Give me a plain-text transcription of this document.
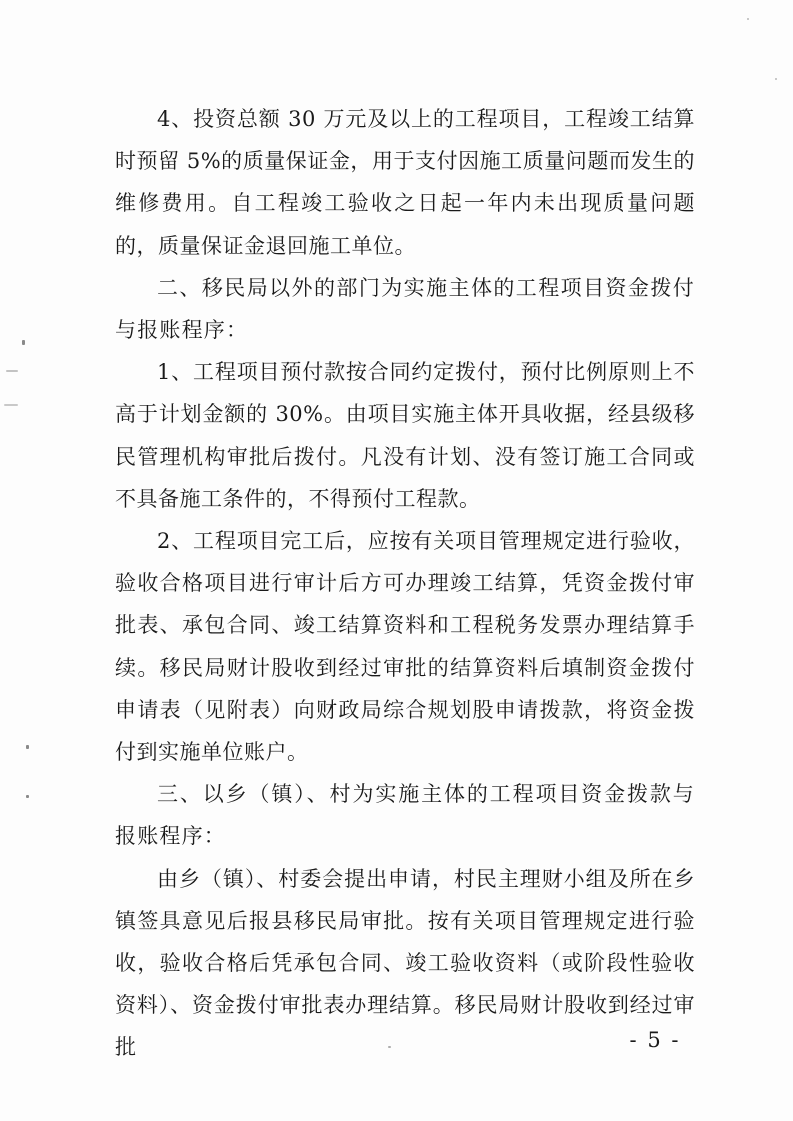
4、投资总额 30 万元及以上的工程项目，工程竣工结算时预留 5%的质量保证金，用于支付因施工质量问题而发生的维修费用。自工程竣工验收之日起一年内未出现质量问题的，质量保证金退回施工单位。

二、移民局以外的部门为实施主体的工程项目资金拨付与报账程序：

1、工程项目预付款按合同约定拨付，预付比例原则上不高于计划金额的 30%。由项目实施主体开具收据，经县级移民管理机构审批后拨付。凡没有计划、没有签订施工合同或不具备施工条件的，不得预付工程款。

2、工程项目完工后，应按有关项目管理规定进行验收，验收合格项目进行审计后方可办理竣工结算，凭资金拨付审批表、承包合同、竣工结算资料和工程税务发票办理结算手续。移民局财计股收到经过审批的结算资料后填制资金拨付申请表（见附表）向财政局综合规划股申请拨款，将资金拨付到实施单位账户。

三、以乡（镇）、村为实施主体的工程项目资金拨款与报账程序：

由乡（镇）、村委会提出申请，村民主理财小组及所在乡镇签具意见后报县移民局审批。按有关项目管理规定进行验收，验收合格后凭承包合同、竣工验收资料（或阶段性验收资料）、资金拨付审批表办理结算。移民局财计股收到经过审批	- 5 -
